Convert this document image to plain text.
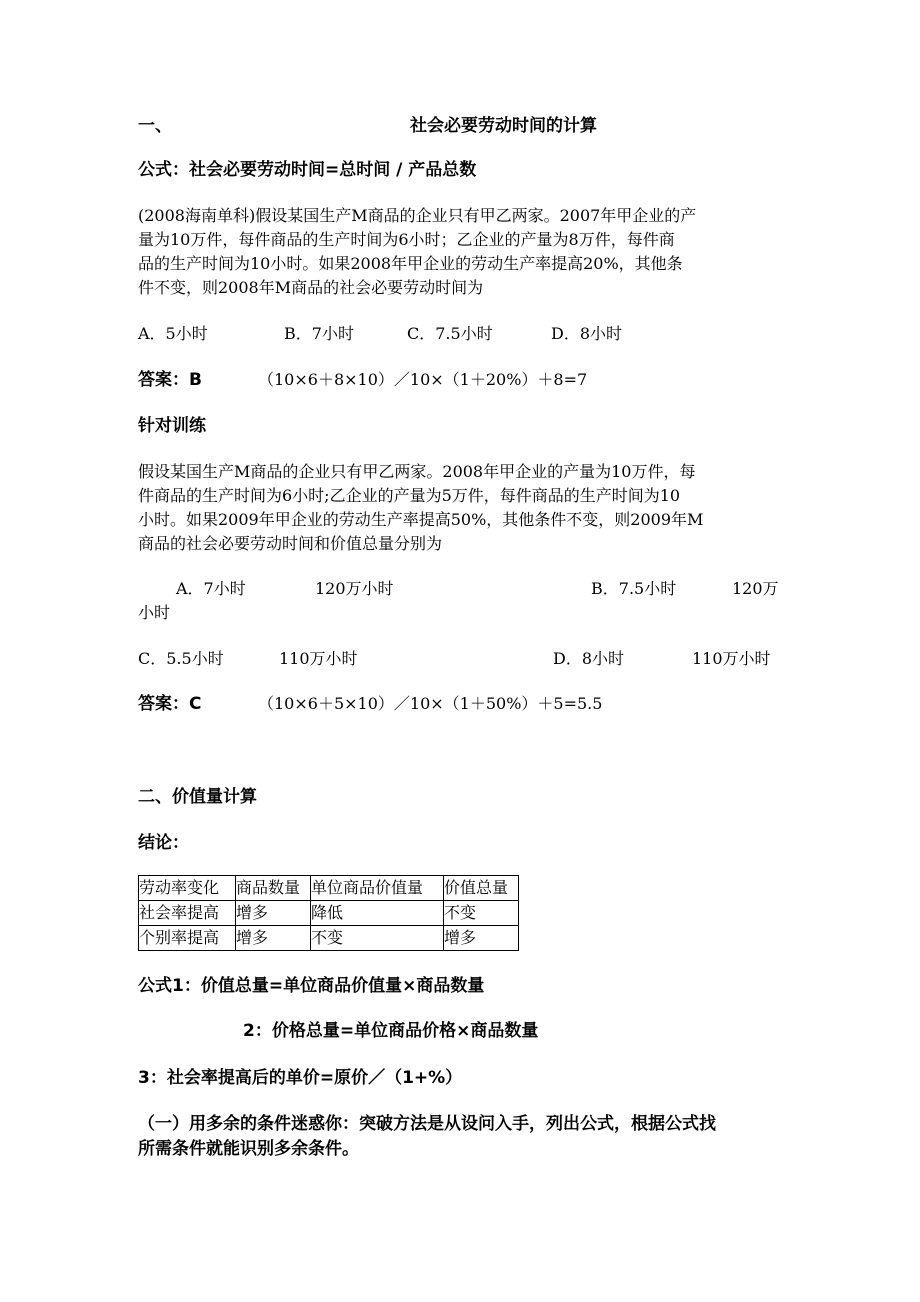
一、	社会必要劳动时间的计算
公式：社会必要劳动时间=总时间 / 产品总数
(2008海南单科)假设某国生产M商品的企业只有甲乙两家。2007年甲企业的产
量为10万件，每件商品的生产时间为6小时；乙企业的产量为8万件，每件商
品的生产时间为10小时。如果2008年甲企业的劳动生产率提高20%，其他条
件不变，则2008年M商品的社会必要劳动时间为
A．5小时	B．7小时	C．7.5小时	D．8小时
答案：B	（10×6＋8×10）／10×（1＋20%）＋8=7
针对训练
假设某国生产M商品的企业只有甲乙两家。2008年甲企业的产量为10万件，每
件商品的生产时间为6小时;乙企业的产量为5万件，每件商品的生产时间为10
小时。如果2009年甲企业的劳动生产率提高50%，其他条件不变，则2009年M
商品的社会必要劳动时间和价值总量分别为
A．7小时	120万小时	B．7.5小时	120万
小时
C．5.5小时	110万小时	D．8小时	110万小时
答案：C	（10×6＋5×10）／10×（1＋50%）＋5=5.5
二、价值量计算
结论：
劳动率变化	商品数量	单位商品价值量	价值总量
社会率提高	增多	降低	不变
个别率提高	增多	不变	增多
公式1：价值总量=单位商品价值量×商品数量
2：价格总量=单位商品价格×商品数量
3：社会率提高后的单价=原价／（1+%）
（一）用多余的条件迷惑你：突破方法是从设问入手，列出公式，根据公式找
所需条件就能识别多余条件。
